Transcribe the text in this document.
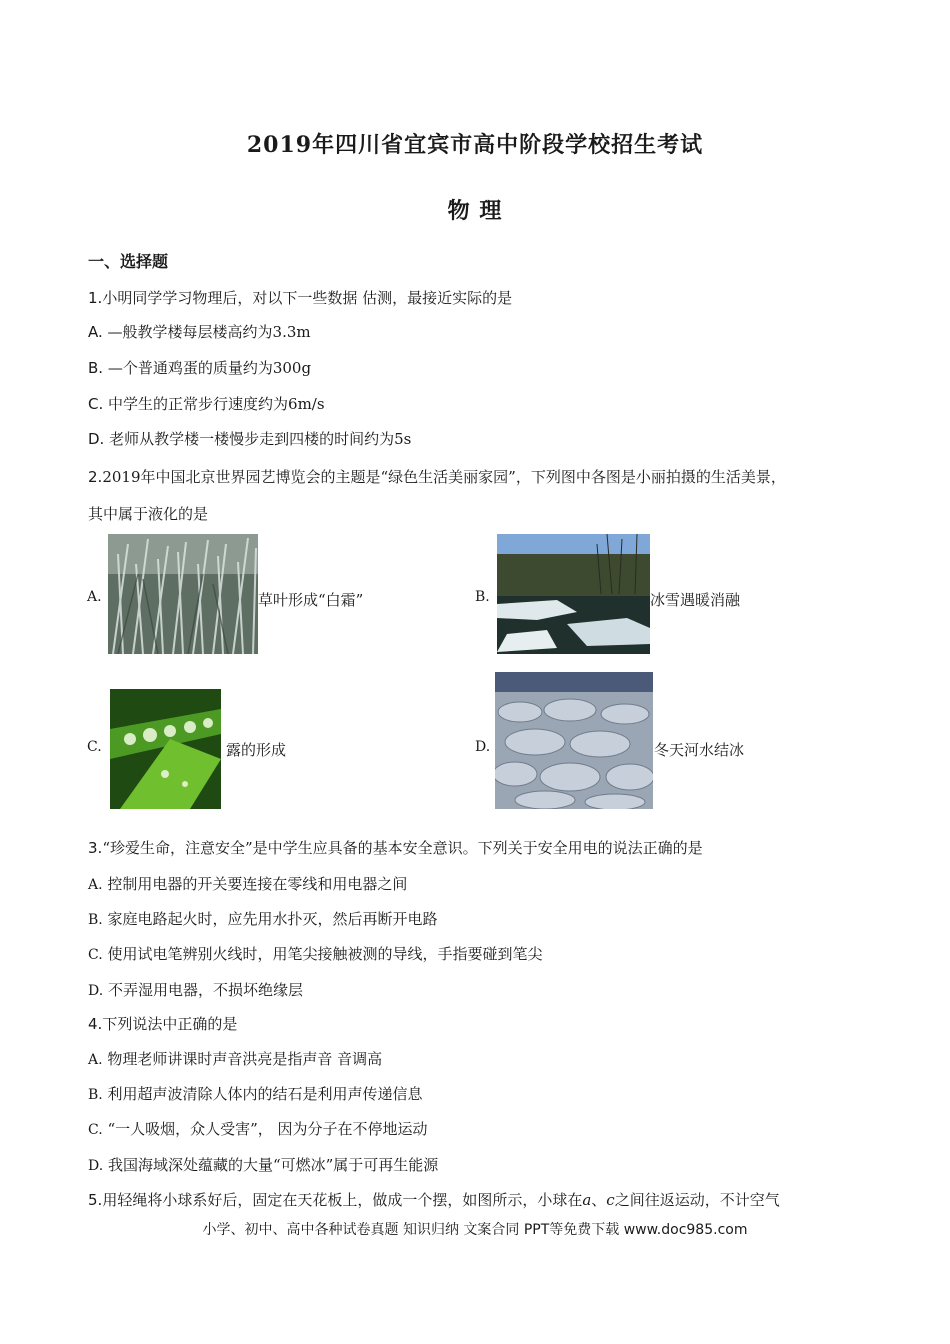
2019年四川省宜宾市高中阶段学校招生考试
物 理
一、选择题
1.小明同学学习物理后，对以下一些数据 估测，最接近实际的是
A. —般教学楼每层楼高约为3.3m
B. —个普通鸡蛋的质量约为300g
C. 中学生的正常步行速度约为6m/s
D. 老师从教学楼一楼慢步走到四楼的时间约为5s
2.2019年中国北京世界园艺博览会的主题是“绿色生活美丽家园”，下列图中各图是小丽拍摄的生活美景，
其中属于液化的是
A.	草叶形成“白霜”	B.	冰雪遇暖消融
C.	露的形成	D.	冬天河水结冰
3.“珍爱生命，注意安全”是中学生应具备的基本安全意识。下列关于安全用电的说法正确的是
A. 控制用电器的开关要连接在零线和用电器之间
B. 家庭电路起火时，应先用水扑灭，然后再断开电路
C. 使用试电笔辨别火线时，用笔尖接触被测的导线，手指要碰到笔尖
D. 不弄湿用电器，不损坏绝缘层
4.下列说法中正确的是
A. 物理老师讲课时声音洪亮是指声音 音调高
B. 利用超声波清除人体内的结石是利用声传递信息
C. “一人吸烟，众人受害”， 因为分子在不停地运动
D. 我国海域深处蕴藏的大量“可燃冰”属于可再生能源
5.用轻绳将小球系好后，固定在天花板上，做成一个摆，如图所示，小球在a、c之间往返运动，不计空气
小学、初中、高中各种试卷真题 知识归纳 文案合同 PPT等免费下载 www.doc985.com
